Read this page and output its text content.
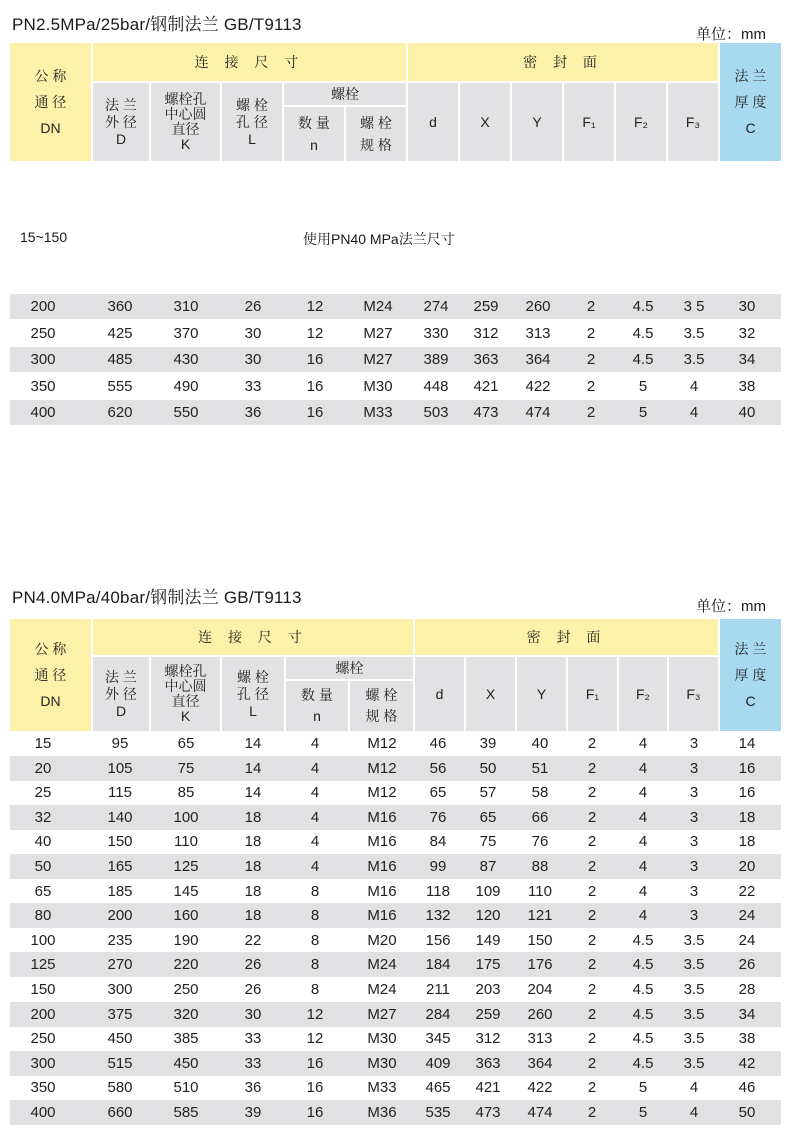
PN2.5MPa/25bar/钢制法兰 GB/T9113
单位：mm
公 称
通 径
DN
连 接 尺 寸
法 兰
外 径
D
螺栓孔
中心圆
直径
K
螺 栓
孔 径
L
螺栓
数 量
n
螺 栓
规 格
密 封 面
d	X	Y	F₁	F₂	F₃
法 兰
厚 度
C
15~150	使用PN40 MPa法兰尺寸
200	360	310	26	12	M24	274	259	260	2	4.5	3 5	30
250	425	370	30	12	M27	330	312	313	2	4.5	3.5	32
300	485	430	30	16	M27	389	363	364	2	4.5	3.5	34
350	555	490	33	16	M30	448	421	422	2	5	4	38
400	620	550	36	16	M33	503	473	474	2	5	4	40
PN4.0MPa/40bar/钢制法兰 GB/T9113	单位：mm
公 称
通 径
DN
连 接 尺 寸
法 兰
外 径
D
螺栓孔
中心圆
直径
K
螺 栓
孔 径
L
螺栓
数 量
n
螺 栓
规 格
密 封 面
d	X	Y	F₁	F₂	F₃
法 兰
厚 度
C
15	95	65	14	4	M12	46	39	40	2	4	3	14
20	105	75	14	4	M12	56	50	51	2	4	3	16
25	115	85	14	4	M12	65	57	58	2	4	3	16
32	140	100	18	4	M16	76	65	66	2	4	3	18
40	150	110	18	4	M16	84	75	76	2	4	3	18
50	165	125	18	4	M16	99	87	88	2	4	3	20
65	185	145	18	8	M16	118	109	110	2	4	3	22
80	200	160	18	8	M16	132	120	121	2	4	3	24
100	235	190	22	8	M20	156	149	150	2	4.5	3.5	24
125	270	220	26	8	M24	184	175	176	2	4.5	3.5	26
150	300	250	26	8	M24	211	203	204	2	4.5	3.5	28
200	375	320	30	12	M27	284	259	260	2	4.5	3.5	34
250	450	385	33	12	M30	345	312	313	2	4.5	3.5	38
300	515	450	33	16	M30	409	363	364	2	4.5	3.5	42
350	580	510	36	16	M33	465	421	422	2	5	4	46
400	660	585	39	16	M36	535	473	474	2	5	4	50
